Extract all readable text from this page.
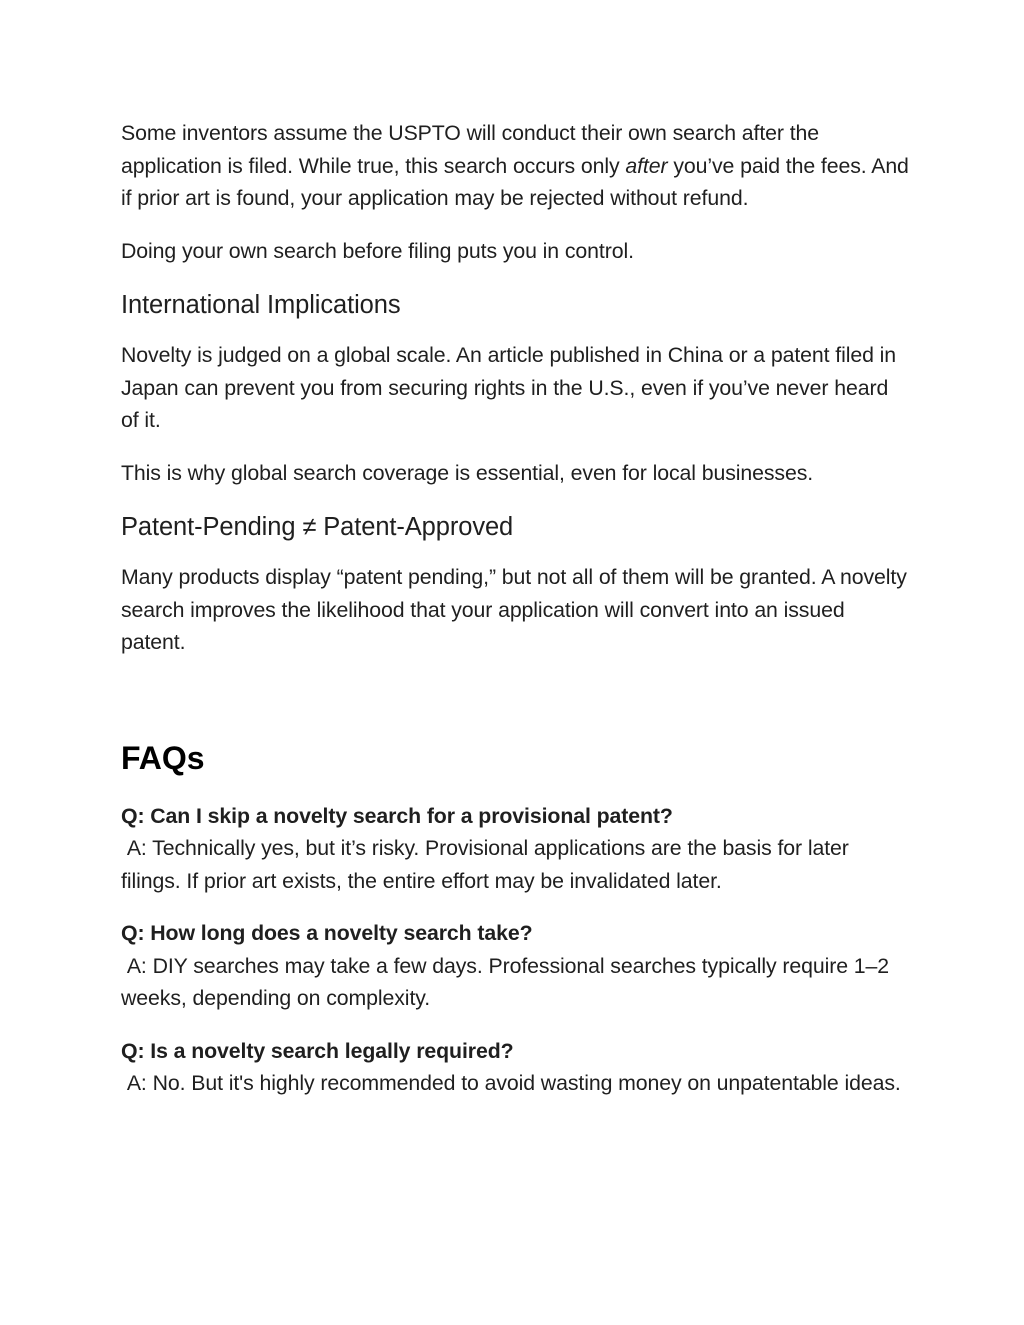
Some inventors assume the USPTO will conduct their own search after the application is filed. While true, this search occurs only after you’ve paid the fees. And if prior art is found, your application may be rejected without refund.

Doing your own search before filing puts you in control.

International Implications

Novelty is judged on a global scale. An article published in China or a patent filed in Japan can prevent you from securing rights in the U.S., even if you’ve never heard of it.

This is why global search coverage is essential, even for local businesses.

Patent-Pending ≠ Patent-Approved

Many products display “patent pending,” but not all of them will be granted. A novelty search improves the likelihood that your application will convert into an issued patent.

FAQs

Q: Can I skip a novelty search for a provisional patent?
A: Technically yes, but it’s risky. Provisional applications are the basis for later filings. If prior art exists, the entire effort may be invalidated later.

Q: How long does a novelty search take?
A: DIY searches may take a few days. Professional searches typically require 1–2 weeks, depending on complexity.

Q: Is a novelty search legally required?
A: No. But it's highly recommended to avoid wasting money on unpatentable ideas.
